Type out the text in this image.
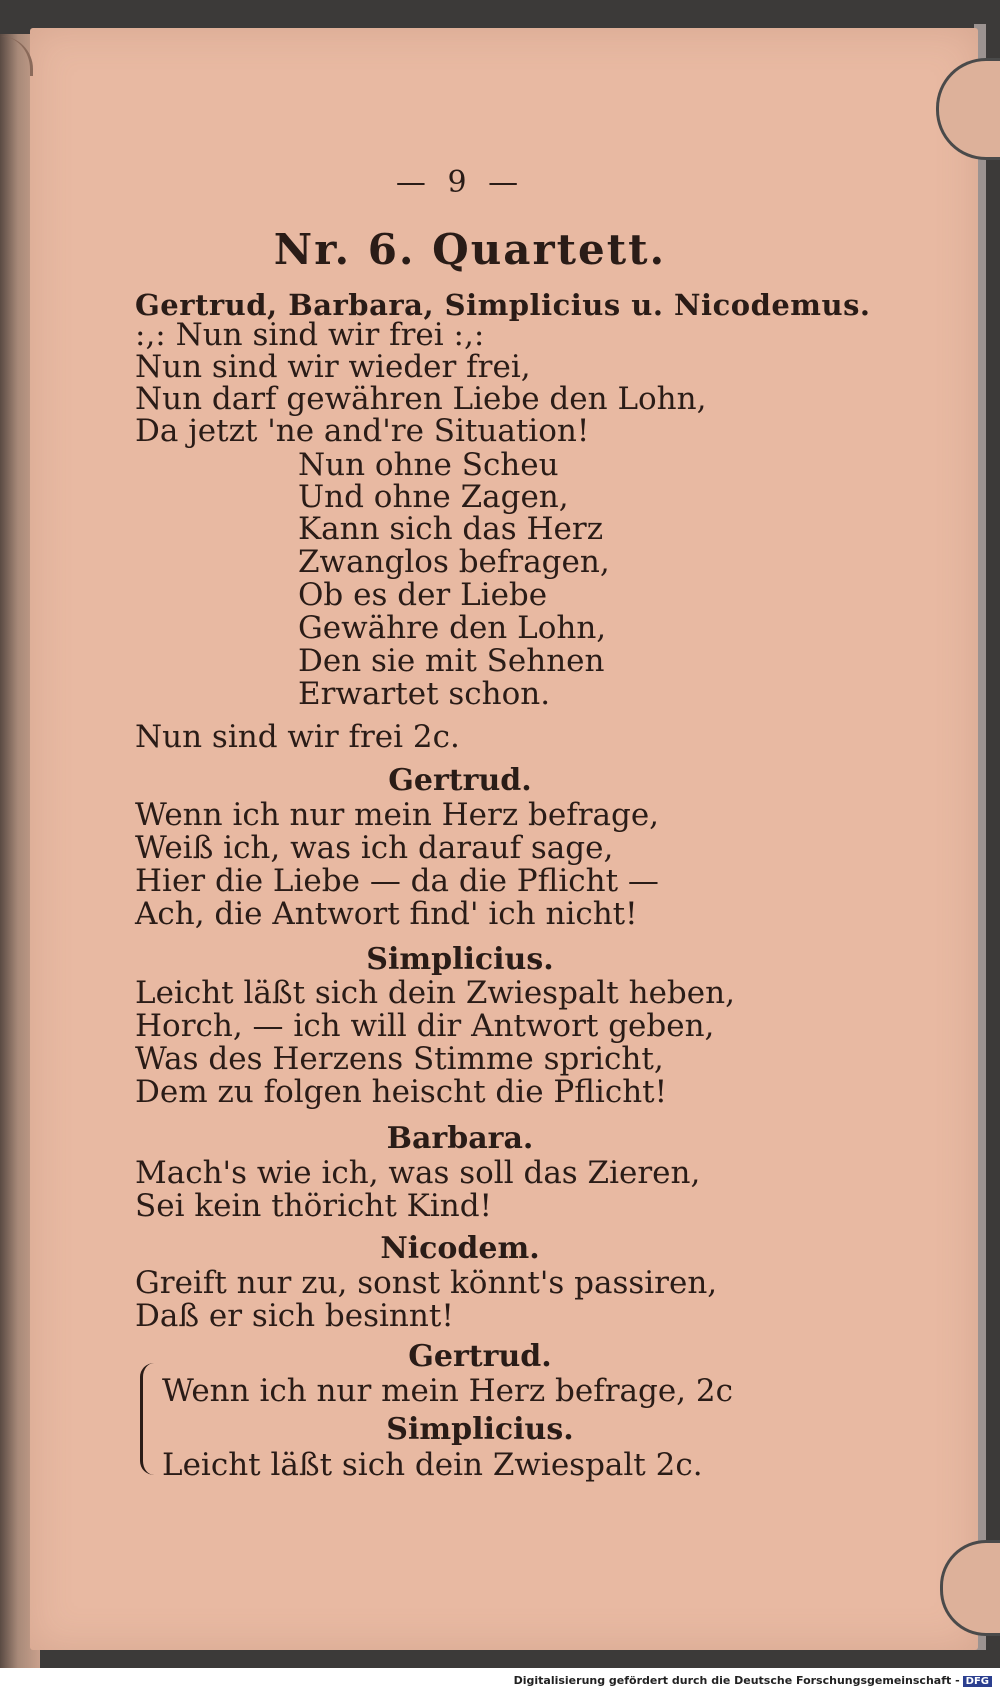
— 9 —
Nr. 6. Quartett.
Gertrud, Barbara, Simplicius u. Nicodemus.
:,: Nun sind wir frei :,:
Nun sind wir wieder frei,
Nun darf gewähren Liebe den Lohn,
Da jetzt 'ne and're Situation!
Nun ohne Scheu
Und ohne Zagen,
Kann sich das Herz
Zwanglos befragen,
Ob es der Liebe
Gewähre den Lohn,
Den sie mit Sehnen
Erwartet schon.
Nun sind wir frei 2c.
Gertrud.
Wenn ich nur mein Herz befrage,
Weiß ich, was ich darauf sage,
Hier die Liebe — da die Pflicht —
Ach, die Antwort find' ich nicht!
Simplicius.
Leicht läßt sich dein Zwiespalt heben,
Horch, — ich will dir Antwort geben,
Was des Herzens Stimme spricht,
Dem zu folgen heischt die Pflicht!
Barbara.
Mach's wie ich, was soll das Zieren,
Sei kein thöricht Kind!
Nicodem.
Greift nur zu, sonst könnt's passiren,
Daß er sich besinnt!
Gertrud.
Wenn ich nur mein Herz befrage, 2c
Simplicius.
Leicht läßt sich dein Zwiespalt 2c.
Digitalisierung gefördert durch die Deutsche Forschungsgemeinschaft - DFG
